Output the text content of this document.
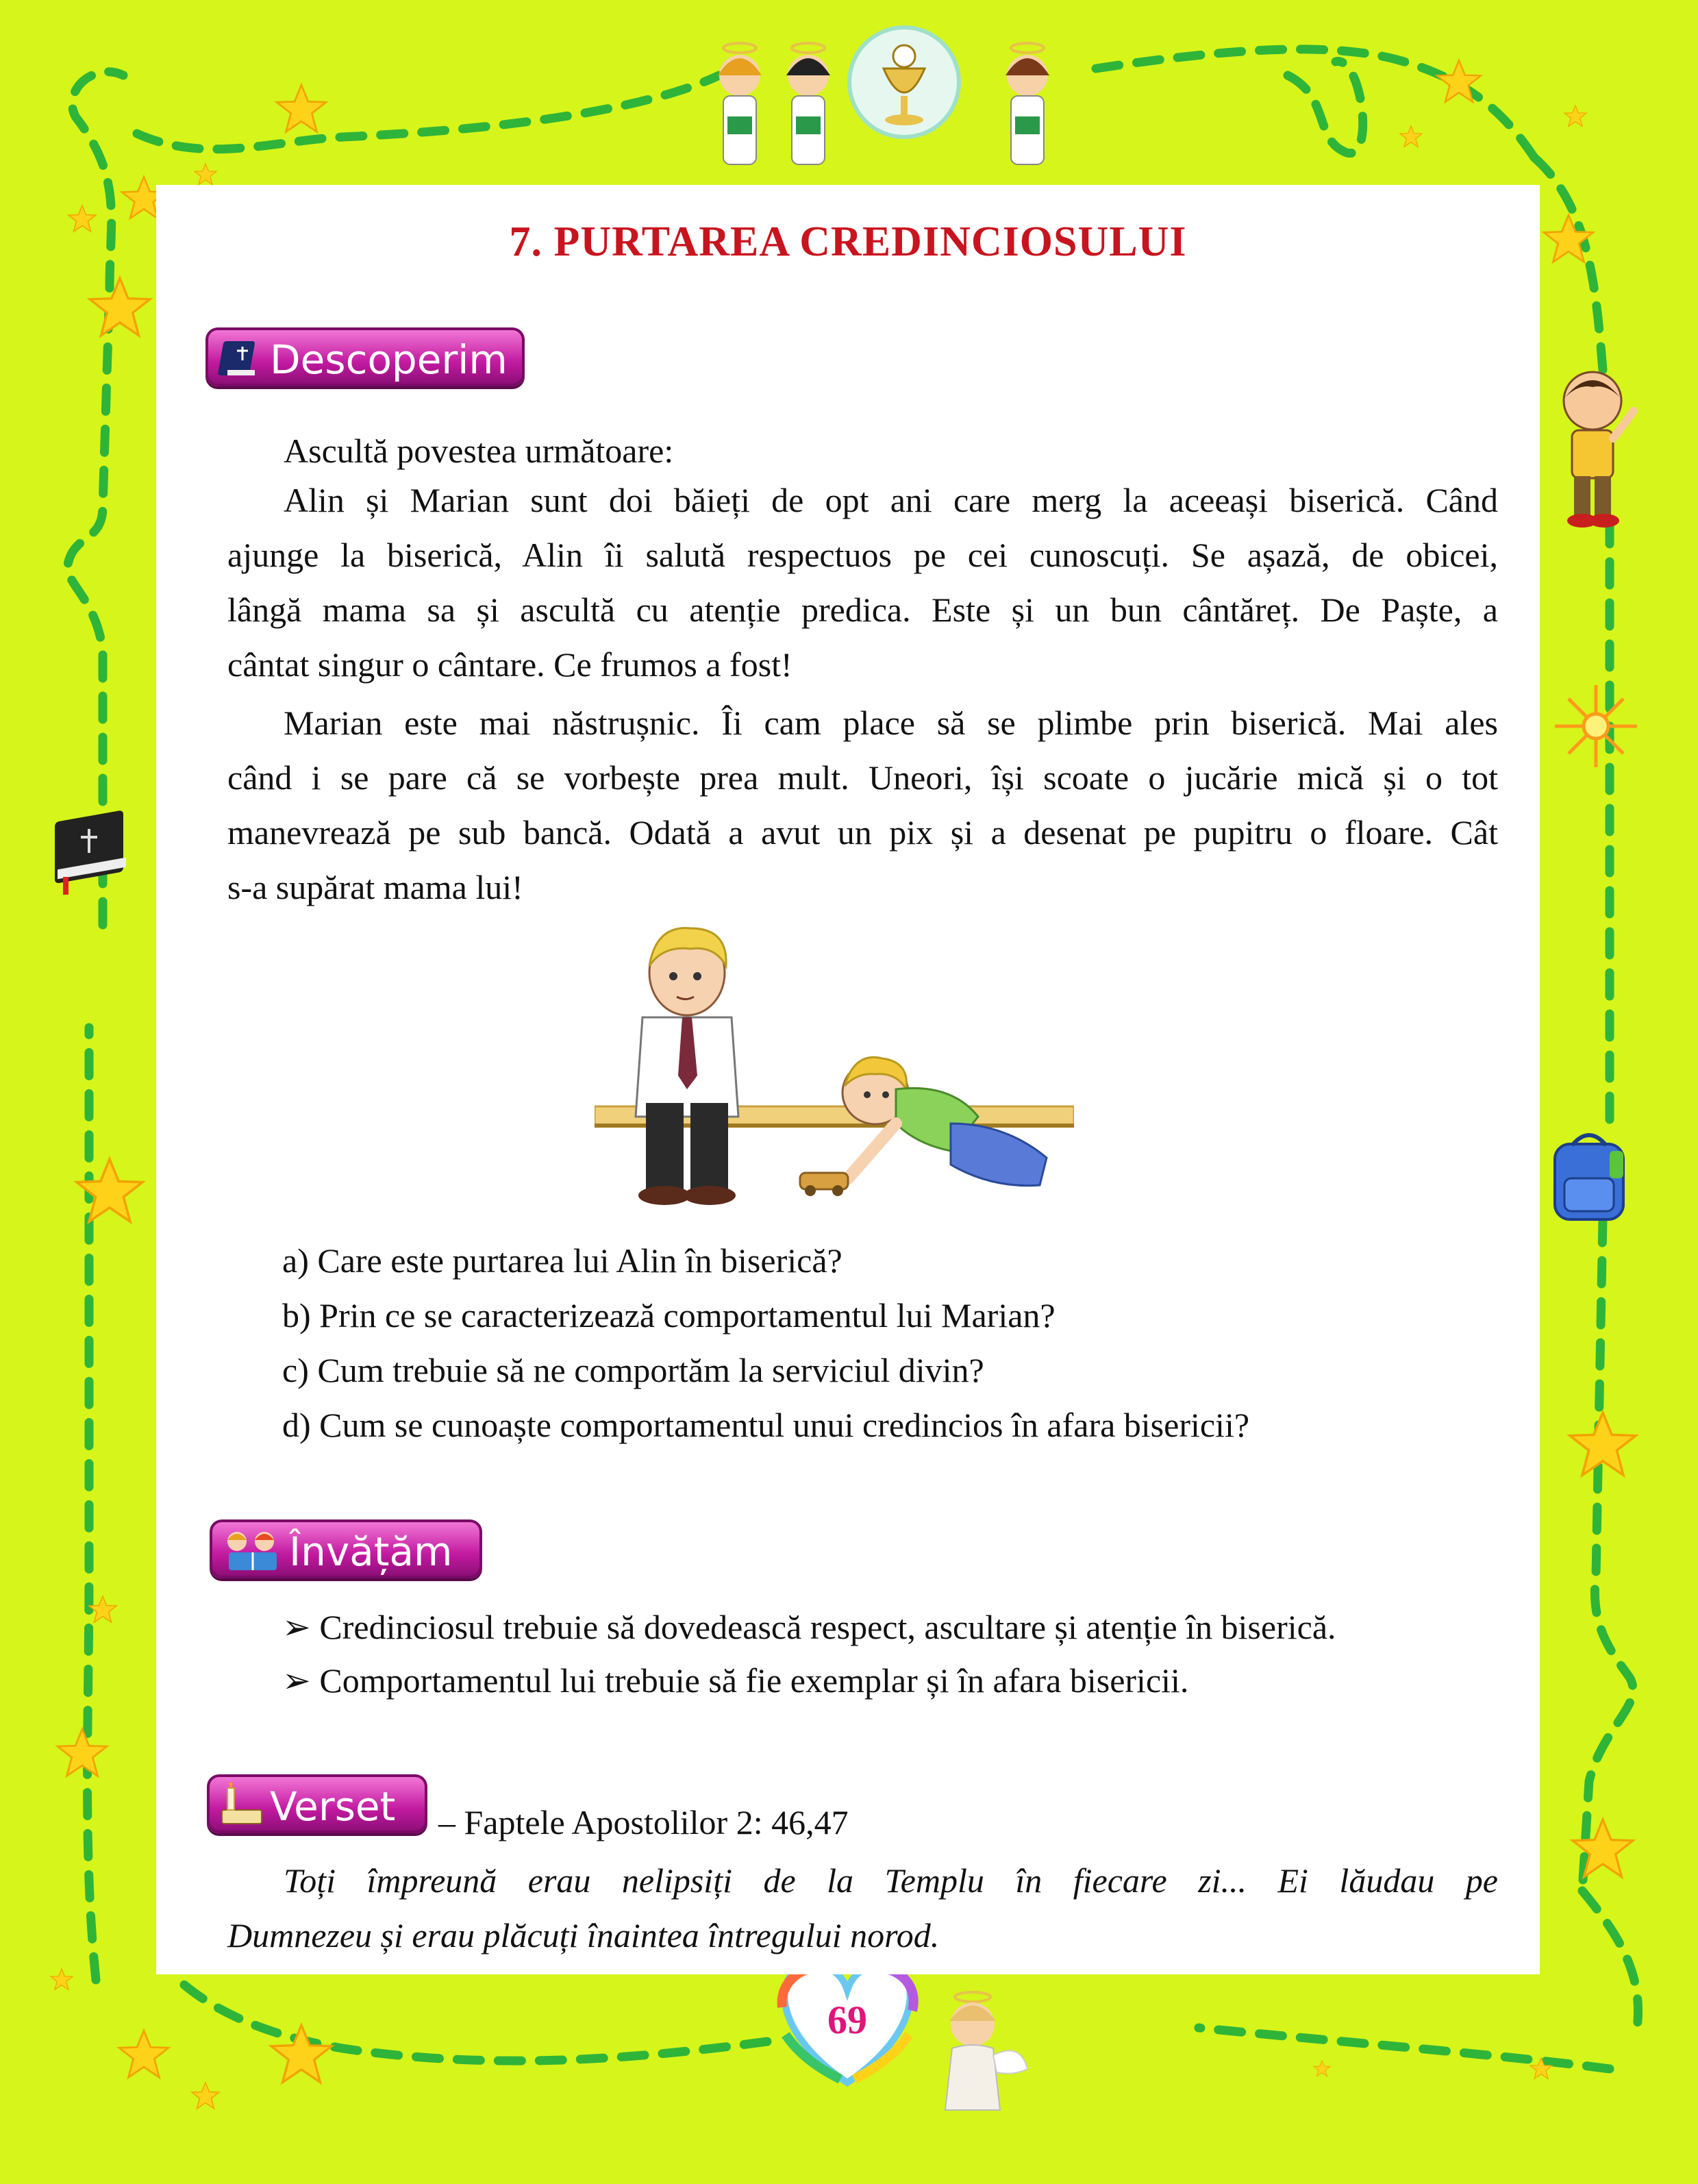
7. PURTAREA CREDINCIOSULUI
Descoperim
Ascultă povestea următoare:
Alin și Marian sunt doi băieți de opt ani care merg la aceeași biserică. Când
ajunge la biserică, Alin îi salută respectuos pe cei cunoscuți. Se așază, de obicei,
lângă mama sa și ascultă cu atenție predica. Este și un bun cântăreț. De Paște, a
cântat singur o cântare. Ce frumos a fost!
Marian este mai năstrușnic. Îi cam place să se plimbe prin biserică. Mai ales
când i se pare că se vorbește prea mult. Uneori, își scoate o jucărie mică și o tot
manevrează pe sub bancă. Odată a avut un pix și a desenat pe pupitru o floare. Cât
s-a supărat mama lui!
a) Care este purtarea lui Alin în biserică?
b) Prin ce se caracterizează comportamentul lui Marian?
c) Cum trebuie să ne comportăm la serviciul divin?
d) Cum se cunoaște comportamentul unui credincios în afara bisericii?
Învățăm
➢ Credinciosul trebuie să dovedească respect, ascultare și atenție în biserică.
➢ Comportamentul lui trebuie să fie exemplar și în afara bisericii.
Verset	– Faptele Apostolilor 2: 46,47
Toți împreună erau nelipsiți de la Templu în fiecare zi... Ei lăudau pe
Dumnezeu și erau plăcuți înaintea întregului norod.
69
